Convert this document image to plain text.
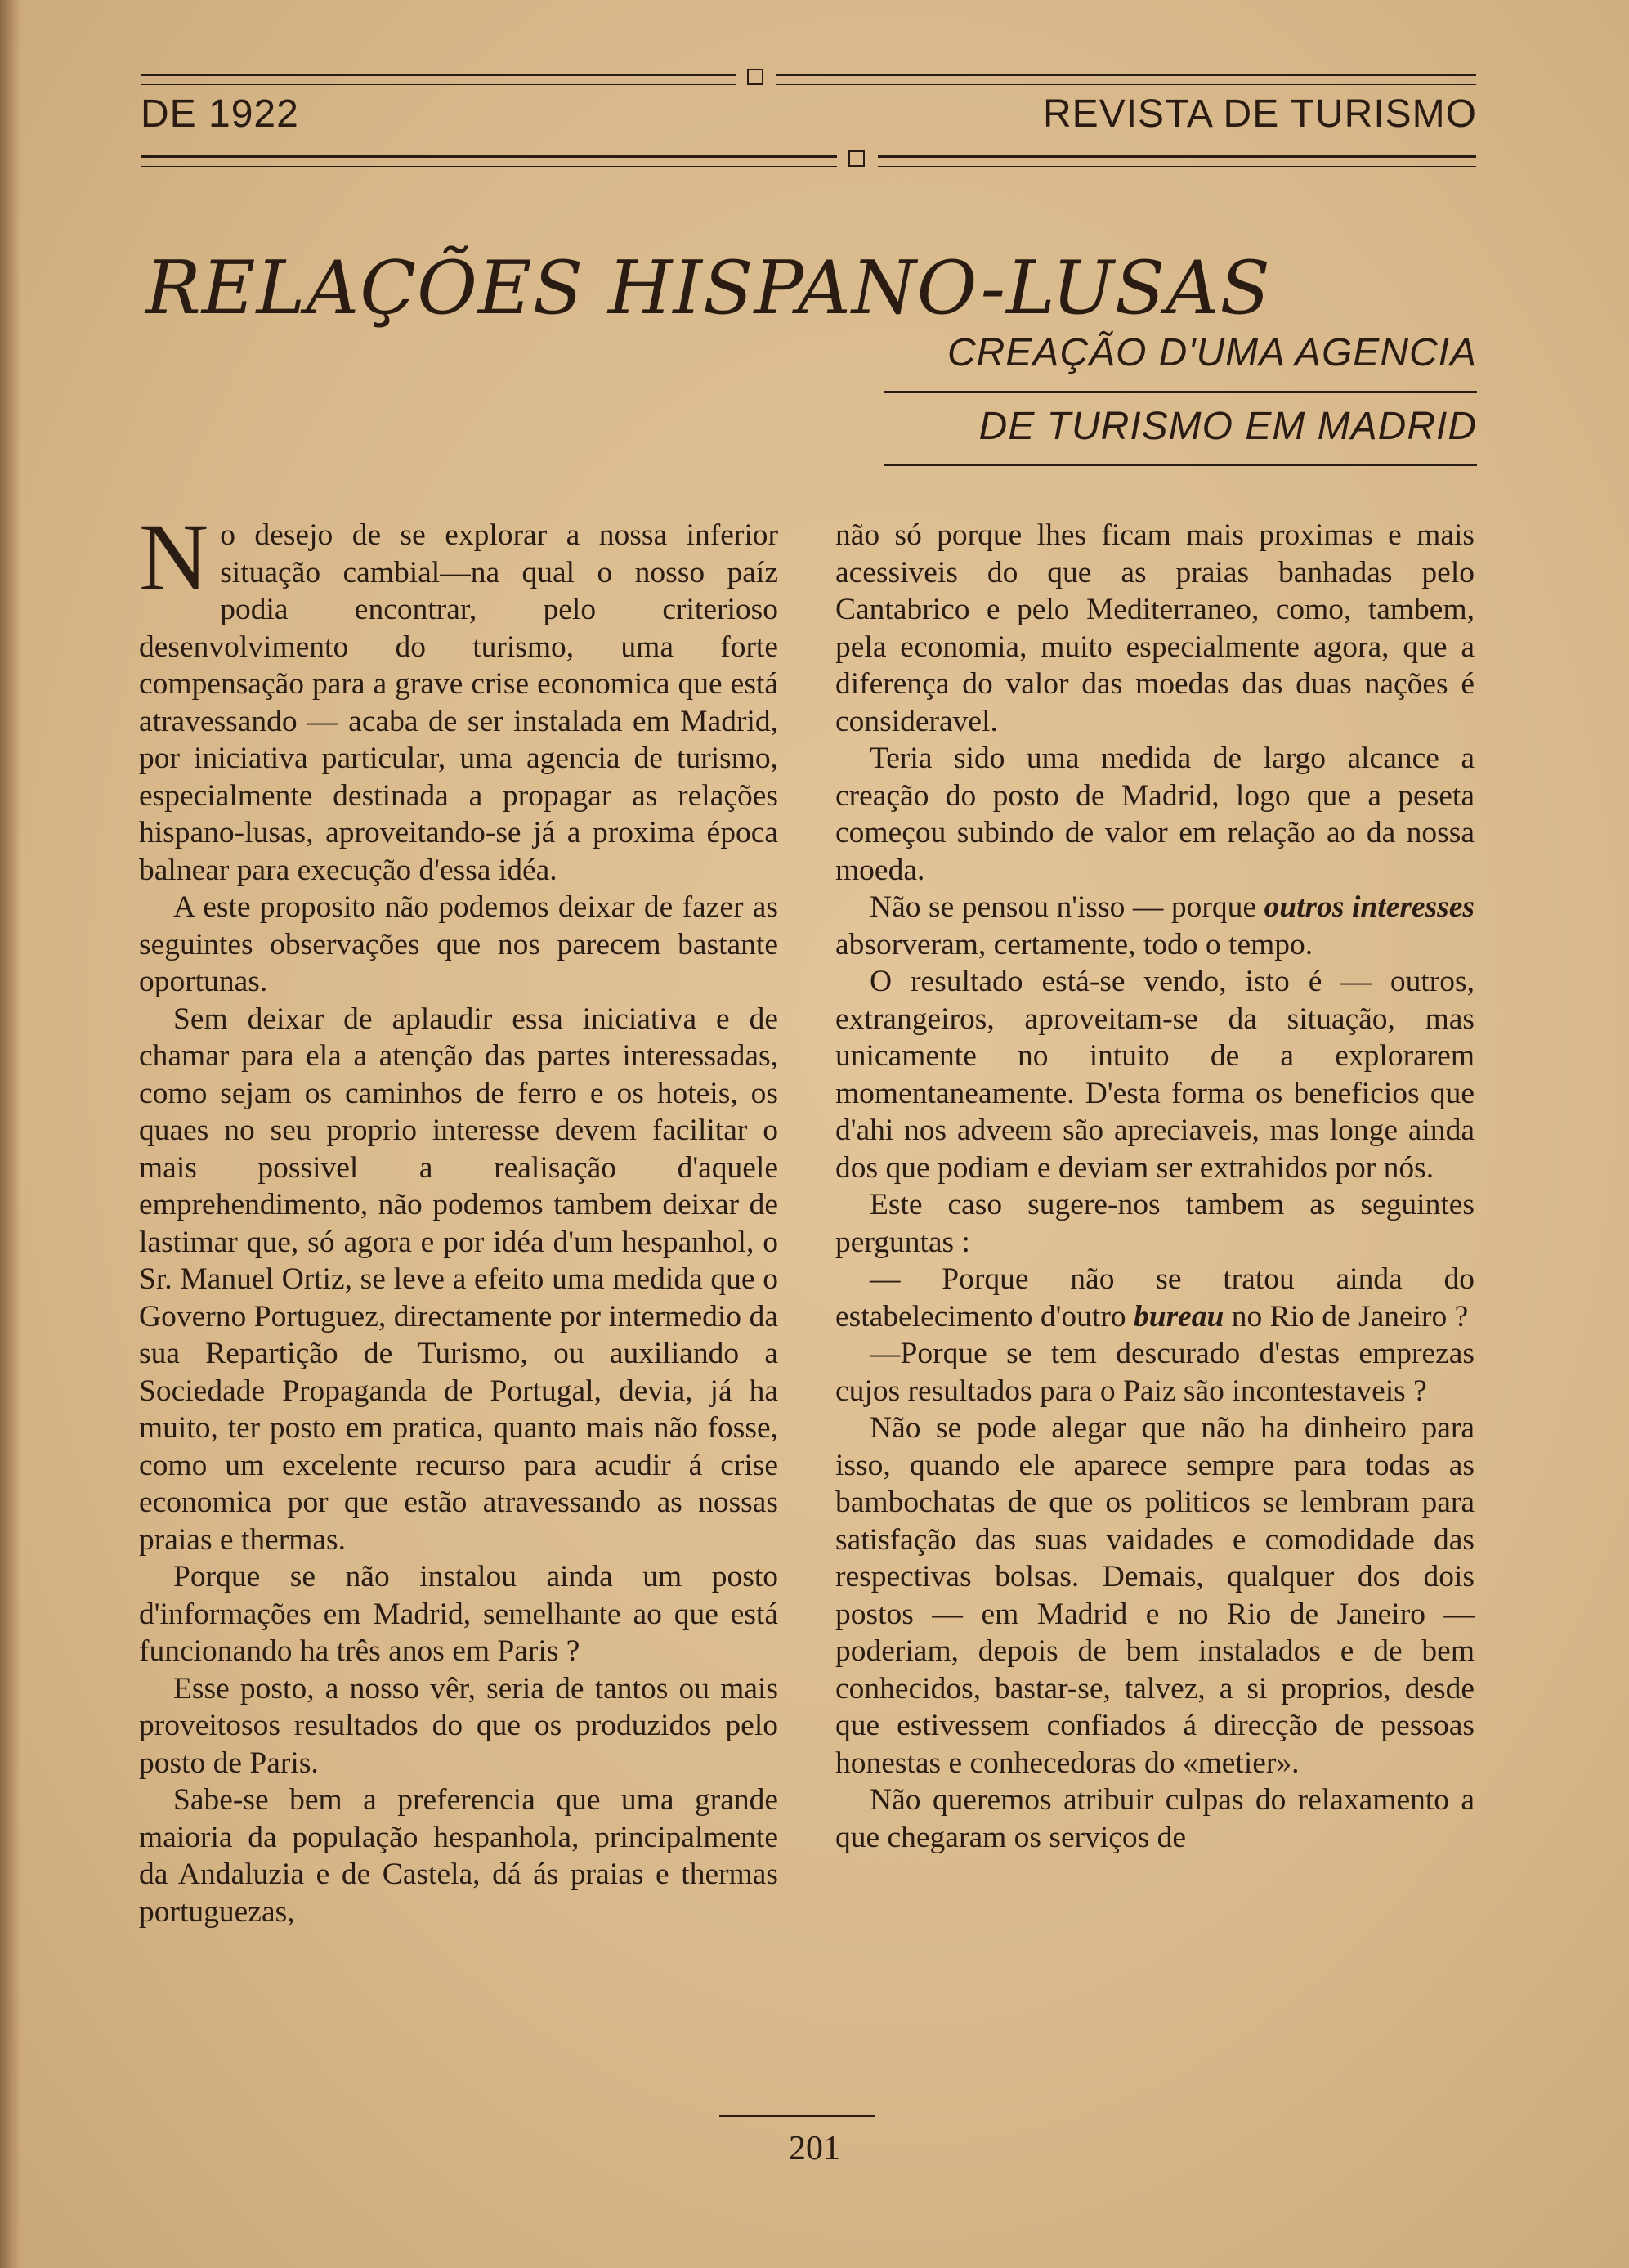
DE 1922	REVISTA DE TURISMO
RELAÇÕES HISPANO-LUSAS
CREAÇÃO D'UMA AGENCIA
DE TURISMO EM MADRID

No desejo de se explorar a nossa inferior situação cambial—na qual o nosso paíz podia encontrar, pelo criterioso desenvolvimento do turismo, uma forte compensação para a grave crise economica que está atravessando — acaba de ser instalada em Madrid, por iniciativa particular, uma agencia de turismo, especialmente destinada a propagar as relações hispano-lusas, aproveitando-se já a proxima época balnear para execução d'essa idéa.

A este proposito não podemos deixar de fazer as seguintes observações que nos parecem bastante oportunas.

Sem deixar de aplaudir essa iniciativa e de chamar para ela a atenção das partes interessadas, como sejam os caminhos de ferro e os hoteis, os quaes no seu proprio interesse devem facilitar o mais possivel a realisação d'aquele emprehendimento, não podemos tambem deixar de lastimar que, só agora e por idéa d'um hespanhol, o Sr. Manuel Ortiz, se leve a efeito uma medida que o Governo Portuguez, directamente por intermedio da sua Repartição de Turismo, ou auxiliando a Sociedade Propaganda de Portugal, devia, já ha muito, ter posto em pratica, quanto mais não fosse, como um excelente recurso para acudir á crise economica por que estão atravessando as nossas praias e thermas.

Porque se não instalou ainda um posto d'informações em Madrid, semelhante ao que está funcionando ha três anos em Paris ?

Esse posto, a nosso vêr, seria de tantos ou mais proveitosos resultados do que os produzidos pelo posto de Paris.

Sabe-se bem a preferencia que uma grande maioria da população hespanhola, principalmente da Andaluzia e de Castela, dá ás praias e thermas portuguezas,

não só porque lhes ficam mais proximas e mais acessiveis do que as praias banhadas pelo Cantabrico e pelo Mediterraneo, como, tambem, pela economia, muito especialmente agora, que a diferença do valor das moedas das duas nações é consideravel.

Teria sido uma medida de largo alcance a creação do posto de Madrid, logo que a peseta começou subindo de valor em relação ao da nossa moeda.

Não se pensou n'isso — porque outros interesses absorveram, certamente, todo o tempo.

O resultado está-se vendo, isto é — outros, extrangeiros, aproveitam-se da situação, mas unicamente no intuito de a explorarem momentaneamente. D'esta forma os beneficios que d'ahi nos adveem são apreciaveis, mas longe ainda dos que podiam e deviam ser extrahidos por nós.

Este caso sugere-nos tambem as seguintes perguntas :

— Porque não se tratou ainda do estabelecimento d'outro bureau no Rio de Janeiro ?

—Porque se tem descurado d'estas emprezas cujos resultados para o Paiz são incontestaveis ?

Não se pode alegar que não ha dinheiro para isso, quando ele aparece sempre para todas as bambochatas de que os politicos se lembram para satisfação das suas vaidades e comodidade das respectivas bolsas. Demais, qualquer dos dois postos — em Madrid e no Rio de Janeiro — poderiam, depois de bem instalados e de bem conhecidos, bastar-se, talvez, a si proprios, desde que estivessem confiados á direcção de pessoas honestas e conhecedoras do «metier».

Não queremos atribuir culpas do relaxamento a que chegaram os serviços de

201
